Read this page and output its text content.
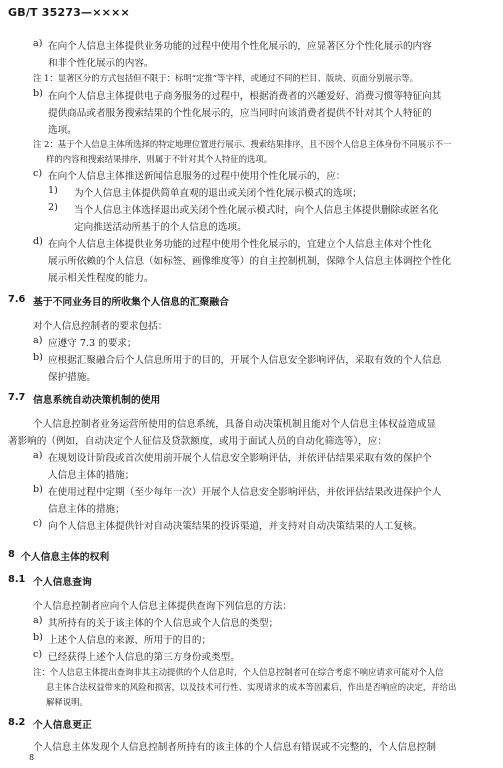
GB/T 35273—××××
a) 在向个人信息主体提供业务功能的过程中使用个性化展示的，应显著区分个性化展示的内容
和非个性化展示的内容。
注 1：显著区分的方式包括但不限于：标明“定推”等字样，或通过不同的栏目、版块、页面分别展示等。
b) 在向个人信息主体提供电子商务服务的过程中，根据消费者的兴趣爱好、消费习惯等特征向其
提供商品或者服务搜索结果的个性化展示的，应当同时向该消费者提供不针对其个人特征的
选项。
注 2：基于个人信息主体所选择的特定地理位置进行展示、搜索结果排序，且不因个人信息主体身份不同展示不一
样的内容和搜索结果排序，则属于不针对其个人特征的选项。
c) 在向个人信息主体推送新闻信息服务的过程中使用个性化展示的，应：
1)	为个人信息主体提供简单直观的退出或关闭个性化展示模式的选项；
2)	当个人信息主体选择退出或关闭个性化展示模式时，向个人信息主体提供删除或匿名化
定向推送活动所基于的个人信息的选项。
d) 在向个人信息主体提供业务功能的过程中使用个性化展示的，宜建立个人信息主体对个性化
展示所依赖的个人信息（如标签、画像维度等）的自主控制机制，保障个人信息主体调控个性化
展示相关性程度的能力。
7.6 基于不同业务目的所收集个人信息的汇聚融合
对个人信息控制者的要求包括：
a) 应遵守 7.3 的要求；
b) 应根据汇聚融合后个人信息所用于的目的，开展个人信息安全影响评估，采取有效的个人信息
保护措施。
7.7 信息系统自动决策机制的使用
个人信息控制者业务运营所使用的信息系统，具备自动决策机制且能对个人信息主体权益造成显
著影响的（例如，自动决定个人征信及贷款额度，或用于面试人员的自动化筛选等），应：
a) 在规划设计阶段或首次使用前开展个人信息安全影响评估，并依评估结果采取有效的保护个
人信息主体的措施；
b) 在使用过程中定期（至少每年一次）开展个人信息安全影响评估，并依评估结果改进保护个人
信息主体的措施；
c) 向个人信息主体提供针对自动决策结果的投诉渠道，并支持对自动决策结果的人工复核。
8 个人信息主体的权利
8.1 个人信息查询
个人信息控制者应向个人信息主体提供查询下列信息的方法：
a) 其所持有的关于该主体的个人信息或个人信息的类型；
b) 上述个人信息的来源、所用于的目的；
c) 已经获得上述个人信息的第三方身份或类型。
注：个人信息主体提出查询非其主动提供的个人信息时，个人信息控制者可在综合考虑不响应请求可能对个人信
息主体合法权益带来的风险和损害，以及技术可行性、实现请求的成本等因素后，作出是否响应的决定，并给出
解释说明。
8.2 个人信息更正
个人信息主体发现个人信息控制者所持有的该主体的个人信息有错误或不完整的，个人信息控制
8
